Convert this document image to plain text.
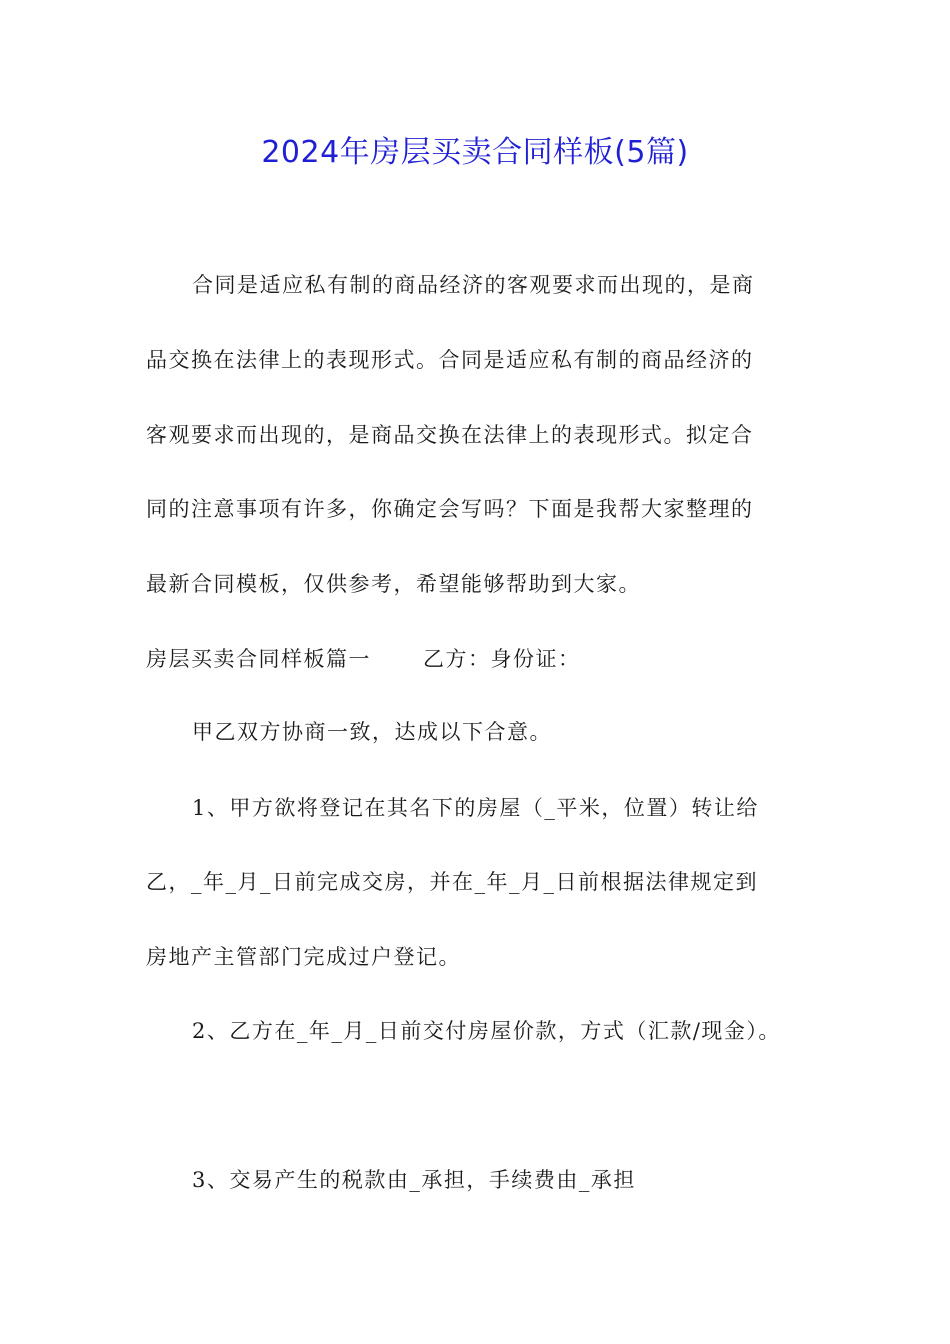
2024年房层买卖合同样板(5篇)
合同是适应私有制的商品经济的客观要求而出现的，是商
品交换在法律上的表现形式。合同是适应私有制的商品经济的
客观要求而出现的，是商品交换在法律上的表现形式。拟定合
同的注意事项有许多，你确定会写吗？下面是我帮大家整理的
最新合同模板，仅供参考，希望能够帮助到大家。
房层买卖合同样板篇一 乙方：身份证：
甲乙双方协商一致，达成以下合意。
1、甲方欲将登记在其名下的房屋（_平米，位置）转让给
乙，_年_月_日前完成交房，并在_年_月_日前根据法律规定到
房地产主管部门完成过户登记。
2、乙方在_年_月_日前交付房屋价款，方式（汇款/现金）。
3、交易产生的税款由_承担，手续费由_承担
